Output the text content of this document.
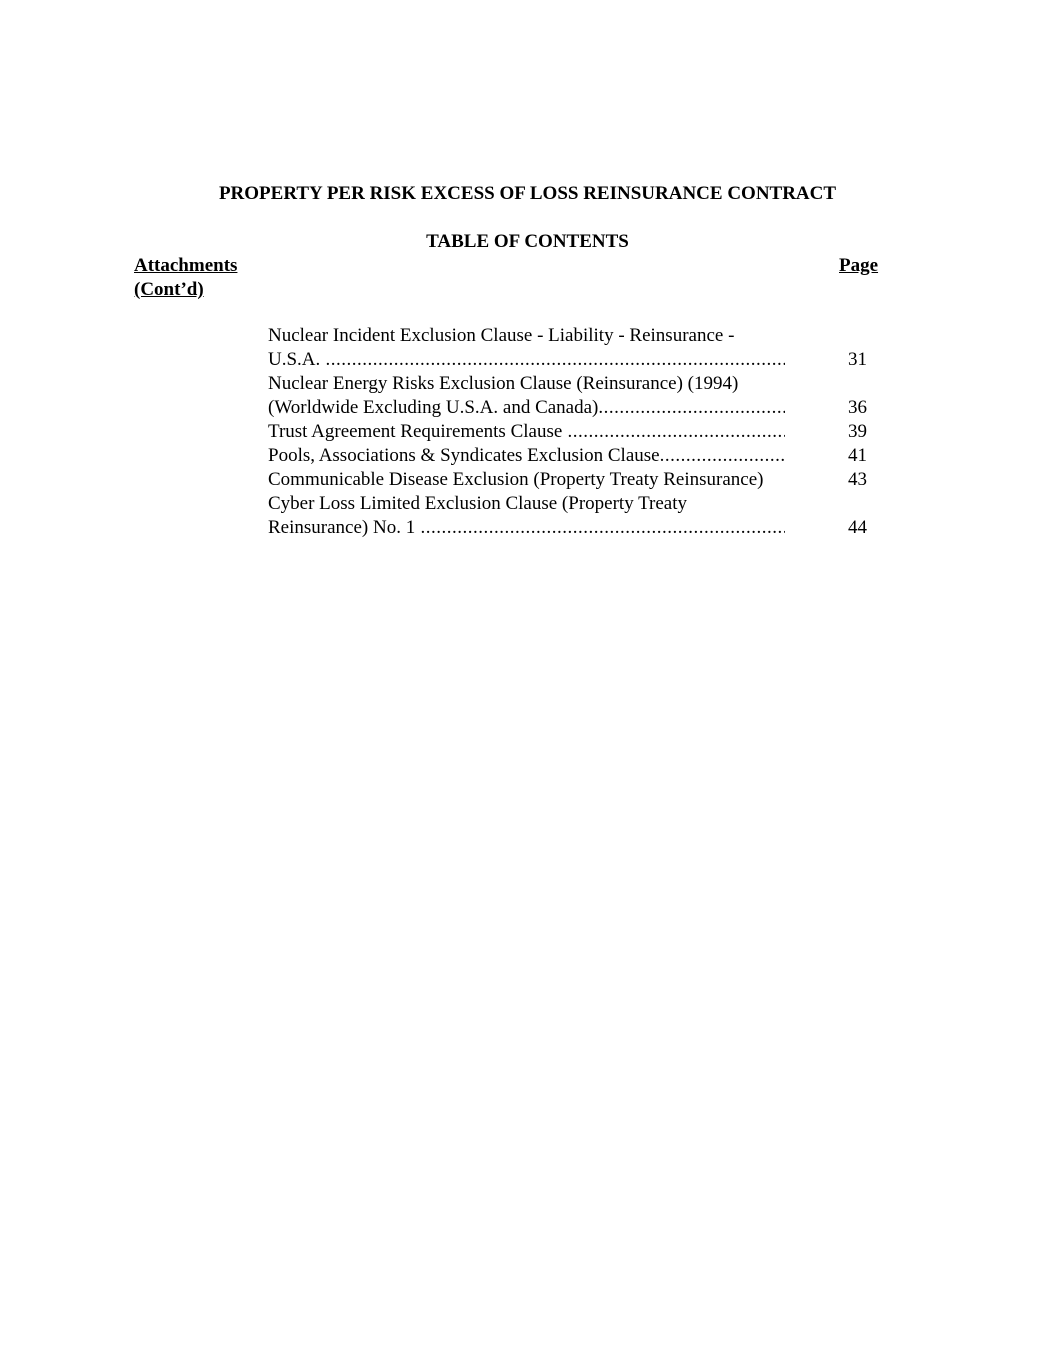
PROPERTY PER RISK EXCESS OF LOSS REINSURANCE CONTRACT
TABLE OF CONTENTS
Attachments
(Cont’d)
Page
Nuclear Incident Exclusion Clause - Liability - Reinsurance -
U.S.A. .....	31
Nuclear Energy Risks Exclusion Clause (Reinsurance) (1994)
(Worldwide Excluding U.S.A. and Canada) .....	36
Trust Agreement Requirements Clause .....	39
Pools, Associations & Syndicates Exclusion Clause .....	41
Communicable Disease Exclusion (Property Treaty Reinsurance)	43
Cyber Loss Limited Exclusion Clause (Property Treaty
Reinsurance) No. 1 .....	44
